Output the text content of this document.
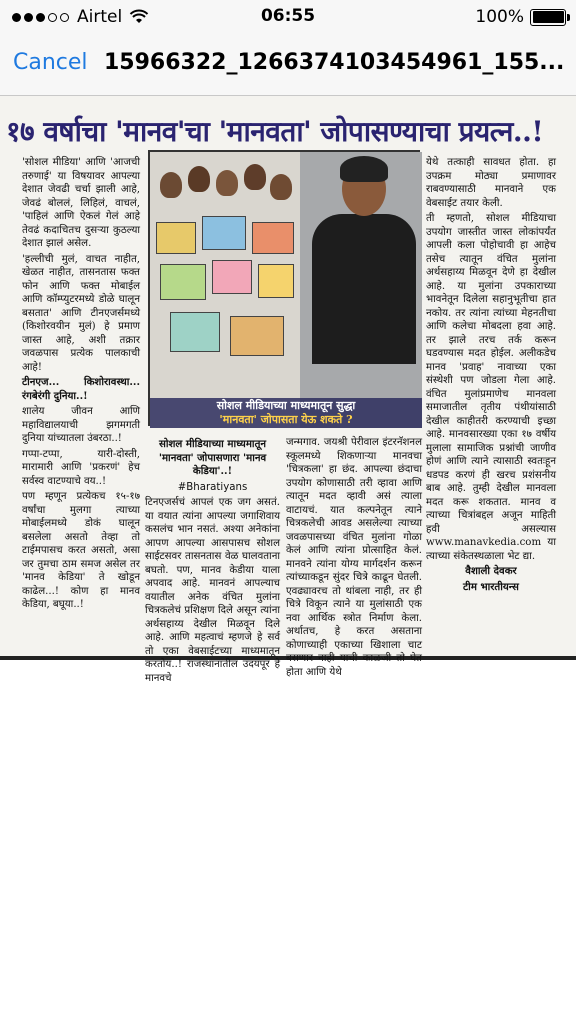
Airtel	06:55	100%
Cancel 15966322_1266374103454961_155...
१७ वर्षाचा 'मानव'चा 'मानवता' जोपासण्याचा प्रयत्न..!

'सोशल मीडिया' आणि 'आजची तरुणाई' या विषयावर आपल्या देशात जेवढी चर्चा झाली आहे, जेवढं बोललं, लिहिलं, वाचलं, 'पाहिलं आणि ऐकलं गेलं आहे तेवढं कदाचितच दुसऱ्या कुठल्या देशात झालं असेल.

'हल्लीची मुलं, वाचत नाहीत, खेळत नाहीत, तासनतास फक्त फोन आणि फक्त मोबाईल आणि कॉम्प्युटरमध्ये डोळे घालून बसतात' आणि टीनएजर्समध्ये (किशोरवयीन मुलं) हे प्रमाण जास्त आहे, अशी तक्रार जवळपास प्रत्येक पालकाची आहे!

टीनएज... किशोरावस्था... रंगबेरंगी दुनिया..!

शालेय जीवन आणि महाविद्यालयाची झगमगती दुनिया यांच्यातला उंबरठा..!

गप्पा-टप्पा, यारी-दोस्ती, मारामारी आणि 'प्रकरणं' हेच सर्वस्व वाटण्याचे वय..!

पण म्हणून प्रत्येकच १५-१७ वर्षांचा मुलगा त्याच्या मोबाईलमध्ये डोकं घालून बसलेला असतो तेव्हा तो टाईमपासच करत असतो, असा जर तुमचा ठाम समज असेल तर 'मानव केडिया' ते खोडून काढेल...! कोण हा मानव केडिया, बघूया..!

सोशल मीडियाच्या माध्यमातून सुद्धा
'मानवता' जोपासता येऊ शकते ?

सोशल मीडियाच्या माध्यमातून 'मानवता' जोपासणारा 'मानव केडिया'..!

#Bharatiyans

टिनएजर्सचं आपलं एक जग असतं. या वयात त्यांना आपल्या जगाशिवाय कसलंच भान नसतं. अश्या अनेकांना आपण आपल्या आसपासच सोशल साईटसवर तासनतास वेळ घालवताना बघतो. पण, मानव केडीया याला अपवाद आहे. मानवनं आपल्याच वयातील अनेक वंचित मुलांना चित्रकलेचं प्रशिक्षण दिले असून त्यांना अर्थसहाय्य देखील मिळवून दिले आहे. आणि महत्वाचं म्हणजे हे सर्व तो एका वेबसाईटच्या माध्यमातून करतोय..! राजस्थानातील उदयपूर हे मानवचे

जन्मगाव. जयश्री पेरीवाल इंटरनॅशनल स्कूलमध्ये शिकणाऱ्या मानवचा 'चित्रकला' हा छंद. आपल्या छंदाचा उपयोग कोणासाठी तरी व्हावा आणि त्यातून मदत व्हावी असं त्याला वाटायचं. यात कल्पनेतून त्याने चित्रकलेची आवड असलेल्या त्याच्या जवळपासच्या वंचित मुलांना गोळा केलं आणि त्यांना प्रोत्साहित केलं. मानवने त्यांना योग्य मार्गदर्शन करून त्यांच्याकडून सुंदर चित्रे काढून घेतली. एवढ्यावरच तो थांबला नाही, तर ही चित्रे विकून त्याने या मुलांसाठी एक नवा आर्थिक स्त्रोत निर्माण केला. अर्थातच, हे करत असताना कोणाच्याही एकाच्या खिशाला चाट बसणार नाही याची काळजी तो घेत होता आणि येथे

येथे तत्काही सावधत होता. हा उपक्रम मोठ्या प्रमाणावर राबवण्यासाठी मानवाने एक वेबसाईट तयार केली.

ती म्हणतो, सोशल मीडियाचा उपयोग जास्तीत जास्त लोकांपर्यंत आपली कला पोहोचावी हा आहेच तसेच त्यातून वंचित मुलांना अर्थसहाय्य मिळवून देणे हा देखील आहे. या मुलांना उपकाराच्या भावनेतून दिलेला सहानुभूतीचा हात नकोय. तर त्यांना त्यांच्या मेहनतीचा आणि कलेचा मोबदला हवा आहे. तर झाले तरच तर्क करून घडवण्यास मदत होईल. अलीकडेच मानव 'प्रवाह' नावाच्या एका संस्थेशी पण जोडला गेला आहे. वंचित मुलांप्रमाणेच मानवला समाजातील तृतीय पंथीयांसाठी देखील काहीतरी करण्याची इच्छा आहे. मानवसारख्या एका १७ वर्षीय मुलाला सामाजिक प्रश्नांची जाणीव होणं आणि त्याने त्यासाठी स्वतःहून धडपड करणं ही खरच प्रशंसनीय बाब आहे. तुम्ही देखील मानवला मदत करू शकतात. मानव व त्याच्या चित्रांबद्दल अजून माहिती हवी असल्यास www.manavkedia.com या त्याच्या संकेतस्थळाला भेट द्या.

वैशाली देवकर

टीम भारतीयन्स
